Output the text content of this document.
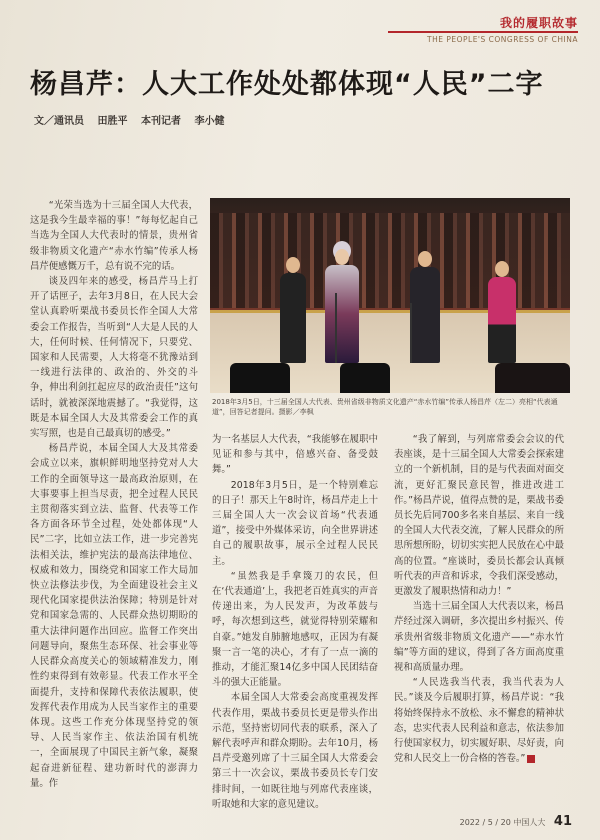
我的履职故事
THE PEOPLE'S CONGRESS OF CHINA
杨昌芹：人大工作处处都体现“人民”二字
文／通讯员 田胜平 本刊记者 李小健
2018年3月5日，十三届全国人大代表、贵州省级非物质文化遗产“赤水竹编”传承人杨昌芹（左二）亮相“代表通道”，回答记者提问。摄影／李枫

“光荣当选为十三届全国人大代表，这是我今生最幸福的事！”每每忆起自己当选为全国人大代表时的情景，贵州省级非物质文化遗产“赤水竹编”传承人杨昌芹便感慨万千，总有说不完的话。

谈及四年来的感受，杨昌芹马上打开了话匣子，去年3月8日，在人民大会堂认真聆听栗战书委员长作全国人大常委会工作报告，当听到“人大是人民的人大，任何时候、任何情况下，只要党、国家和人民需要，人大将毫不犹豫站到一线进行法律的、政治的、外交的斗争，伸出利剑扛起应尽的政治责任”这句话时，就被深深地震撼了。“我觉得，这既是本届全国人大及其常委会工作的真实写照，也是自己最真切的感受。”

杨昌芹说，本届全国人大及其常委会成立以来，旗帜鲜明地坚持党对人大工作的全面领导这一最高政治原则，在大事要事上担当尽责，把全过程人民民主贯彻落实到立法、监督、代表等工作各方面各环节全过程，处处都体现“人民”二字，比如立法工作，进一步完善宪法相关法，维护宪法的最高法律地位、权威和效力，围绕党和国家工作大局加快立法修法步伐，为全面建设社会主义现代化国家提供法治保障；特别是针对党和国家急需的、人民群众热切期盼的重大法律问题作出回应。监督工作突出问题导向，聚焦生态环保、社会事业等人民群众高度关心的领域精准发力，刚性约束得到有效彰显。代表工作水平全面提升，支持和保障代表依法履职，使发挥代表作用成为人民当家作主的重要体现。这些工作充分体现坚持党的领导、人民当家作主、依法治国有机统一，全面展现了中国民主新气象，凝聚起奋进新征程、建功新时代的澎湃力量。作

为一名基层人大代表，“我能够在履职中见证和参与其中，倍感兴奋、备受鼓舞。”

2018年3月5日，是一个特别难忘的日子！那天上午8时许，杨昌芹走上十三届全国人大一次会议首场“代表通道”，接受中外媒体采访，向全世界讲述自己的履职故事，展示全过程人民民主。

“虽然我是手拿篾刀的农民，但在‘代表通道’上，我把老百姓真实的声音传递出来，为人民发声，为改革鼓与呼，每次想到这些，就觉得特别荣耀和自豪。”她发自肺腑地感叹，正因为有凝聚一言一笔的决心，才有了一点一滴的推动，才能汇聚14亿多中国人民团结奋斗的强大正能量。

本届全国人大常委会高度重视发挥代表作用，栗战书委员长更是带头作出示范，坚持密切同代表的联系，深入了解代表呼声和群众期盼。去年10月，杨昌芹受邀列席了十三届全国人大常委会第三十一次会议，栗战书委员长专门安排时间，一如既往地与列席代表座谈，听取她和大家的意见建议。

“我了解到，与列席常委会会议的代表座谈，是十三届全国人大常委会探索建立的一个新机制，目的是与代表面对面交流，更好汇聚民意民智，推进改进工作。”杨昌芹说，值得点赞的是，栗战书委员长先后同700多名来自基层、来自一线的全国人大代表交流，了解人民群众的所思所想所盼，切切实实把人民放在心中最高的位置。“座谈时，委员长都会认真倾听代表的声音和诉求，令我们深受感动，更激发了履职热情和动力！”

当选十三届全国人大代表以来，杨昌芹经过深入调研，多次提出乡村振兴、传承贵州省级非物质文化遗产——“赤水竹编”等方面的建议，得到了各方面高度重视和高质量办理。

“人民选我当代表，我当代表为人民。”谈及今后履职打算，杨昌芹说：“我将始终保持永不放松、永不懈怠的精神状态，忠实代表人民利益和意志，依法参加行使国家权力，切实履好职、尽好责，向党和人民交上一份合格的答卷。”

2022 / 5 / 20 中国人大 41
